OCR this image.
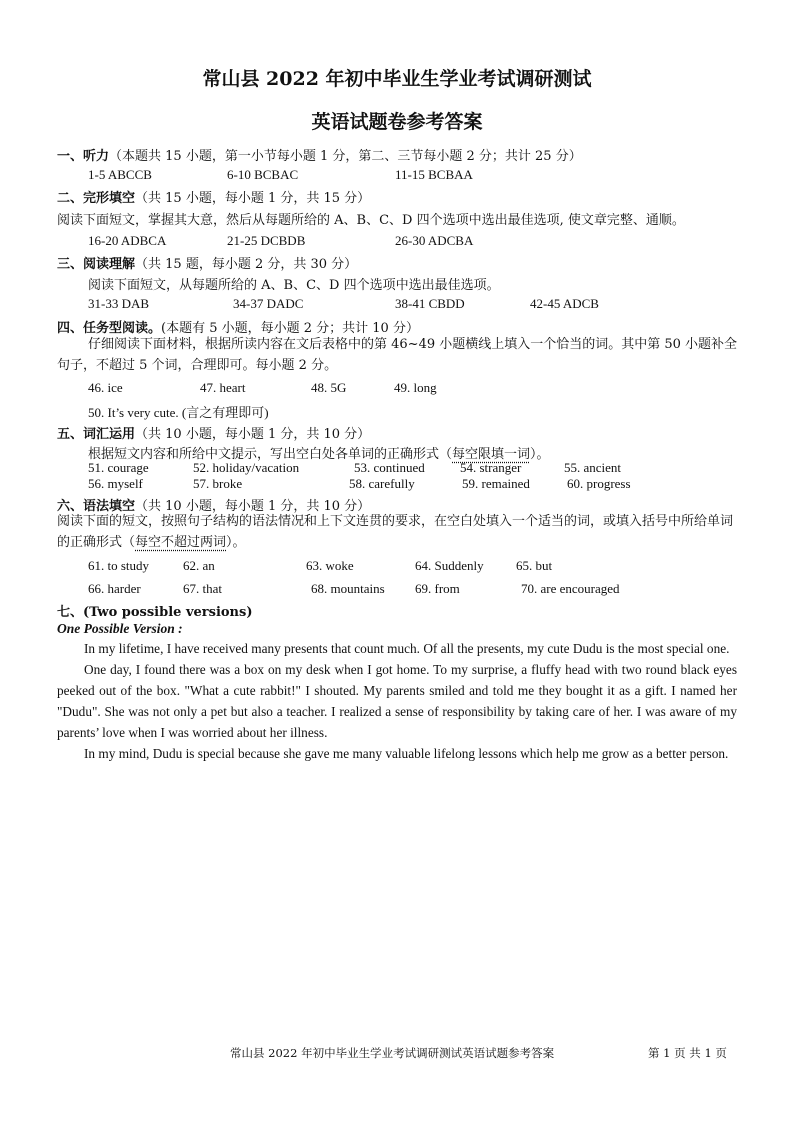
常山县 2022 年初中毕业生学业考试调研测试
英语试题卷参考答案
一、听力（本题共 15 小题，第一小节每小题 1 分，第二、三节每小题 2 分；共计 25 分）
1-5 ABCCB	6-10 BCBAC	11-15 BCBAA
二、完形填空（共 15 小题，每小题 1 分，共 15 分）
阅读下面短文，掌握其大意，然后从每题所给的 A、B、C、D 四个选项中选出最佳选项, 使文章完整、通顺。
16-20 ADBCA	21-25 DCBDB	26-30 ADCBA
三、阅读理解（共 15 题，每小题 2 分，共 30 分）
阅读下面短文，从每题所给的 A、B、C、D 四个选项中选出最佳选项。
31-33 DAB	34-37 DADC	38-41 CBDD	42-45 ADCB
四、任务型阅读。(本题有 5 小题，每小题 2 分；共计 10 分）
仔细阅读下面材料，根据所读内容在文后表格中的第 46~49 小题横线上填入一个恰当的词。其中第 50 小题补全句子，不超过 5 个词，合理即可。每小题 2 分。
46. ice	47. heart	48. 5G	49. long
50. It’s very cute. (言之有理即可)
五、词汇运用（共 10 小题，每小题 1 分，共 10 分）
根据短文内容和所给中文提示，写出空白处各单词的正确形式（每空限填一词）。
51. courage	52. holiday/vacation	53. continued	54. stranger	55. ancient
56. myself	57. broke	58. carefully	59. remained	60. progress
六、语法填空（共 10 小题，每小题 1 分，共 10 分）
阅读下面的短文，按照句子结构的语法情况和上下文连贯的要求，在空白处填入一个适当的词，或填入括号中所给单词的正确形式（每空不超过两词）。
61. to study	62. an	63. woke	64. Suddenly 65. but
66. harder	67. that	68. mountains 69. from	70. are encouraged
七、(Two possible versions)
One Possible Version :

In my lifetime, I have received many presents that count much. Of all the presents, my cute Dudu is the most special one.

One day, I found there was a box on my desk when I got home. To my surprise, a fluffy head with two round black eyes peeked out of the box. "What a cute rabbit!" I shouted. My parents smiled and told me they bought it as a gift. I named her "Dudu". She was not only a pet but also a teacher. I realized a sense of responsibility by taking care of her. I was aware of my parents’ love when I was worried about her illness.

In my mind, Dudu is special because she gave me many valuable lifelong lessons which help me grow as a better person.

常山县 2022 年初中毕业生学业考试调研测试英语试题参考答案	第 1 页 共 1 页
